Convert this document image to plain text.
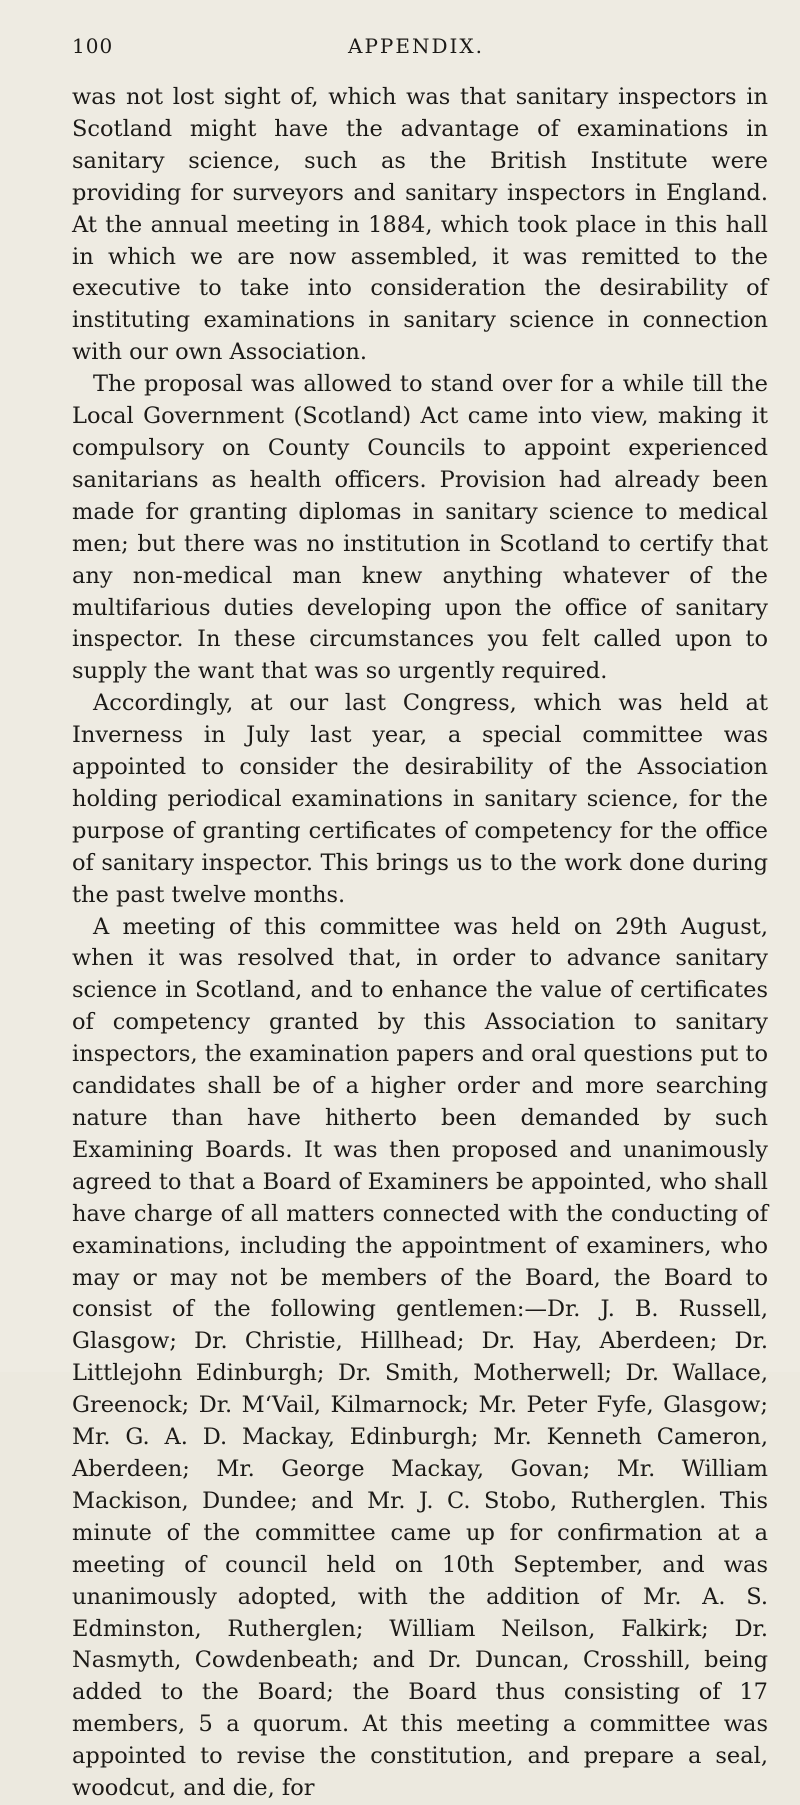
100	APPENDIX.

was not lost sight of, which was that sanitary inspectors in Scotland might have the advantage of examinations in sanitary science, such as the British Institute were providing for surveyors and sanitary inspectors in England. At the annual meeting in 1884, which took place in this hall in which we are now assembled, it was remitted to the executive to take into consideration the desirability of instituting examinations in sanitary science in connection with our own Association.

The proposal was allowed to stand over for a while till the Local Government (Scotland) Act came into view, making it compulsory on County Councils to appoint experienced sanitarians as health officers. Provision had already been made for granting diplomas in sanitary science to medical men; but there was no institution in Scotland to certify that any non-medical man knew anything whatever of the multifarious duties developing upon the office of sanitary inspector. In these circumstances you felt called upon to supply the want that was so urgently required.

Accordingly, at our last Congress, which was held at Inverness in July last year, a special committee was appointed to consider the desirability of the Association holding periodical examinations in sanitary science, for the purpose of granting certificates of competency for the office of sanitary inspector. This brings us to the work done during the past twelve months.

A meeting of this committee was held on 29th August, when it was resolved that, in order to advance sanitary science in Scotland, and to enhance the value of certificates of competency granted by this Association to sanitary inspectors, the examination papers and oral questions put to candidates shall be of a higher order and more searching nature than have hitherto been demanded by such Examining Boards. It was then proposed and unanimously agreed to that a Board of Examiners be appointed, who shall have charge of all matters connected with the conducting of examinations, including the appointment of examiners, who may or may not be members of the Board, the Board to consist of the following gentlemen:—Dr. J. B. Russell, Glasgow; Dr. Christie, Hillhead; Dr. Hay, Aberdeen; Dr. Littlejohn Edinburgh; Dr. Smith, Motherwell; Dr. Wallace, Greenock; Dr. M‘Vail, Kilmarnock; Mr. Peter Fyfe, Glasgow; Mr. G. A. D. Mackay, Edinburgh; Mr. Kenneth Cameron, Aberdeen; Mr. George Mackay, Govan; Mr. William Mackison, Dundee; and Mr. J. C. Stobo, Rutherglen. This minute of the committee came up for confirmation at a meeting of council held on 10th September, and was unanimously adopted, with the addition of Mr. A. S. Edminston, Rutherglen; William Neilson, Falkirk; Dr. Nasmyth, Cowdenbeath; and Dr. Duncan, Crosshill, being added to the Board; the Board thus consisting of 17 members, 5 a quorum. At this meeting a committee was appointed to revise the constitution, and prepare a seal, woodcut, and die, for
